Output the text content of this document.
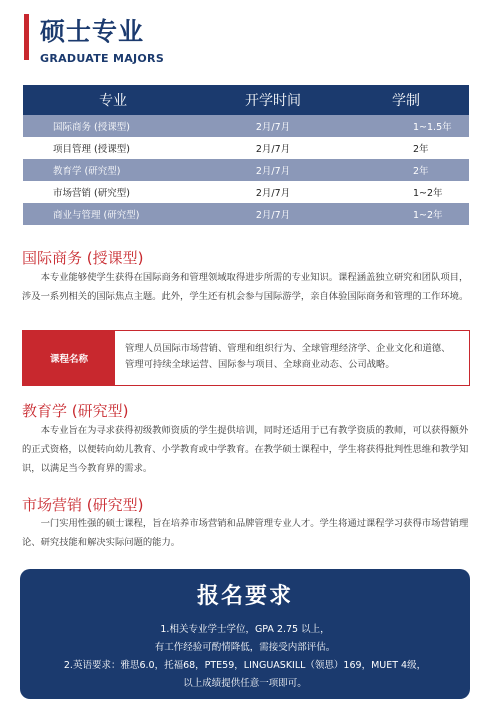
硕士专业
GRADUATE MAJORS
专业	开学时间	学制
国际商务 (授课型)	2月/7月	1~1.5年
项目管理 (授课型)	2月/7月	2年
教育学 (研究型)	2月/7月	2年
市场营销 (研究型)	2月/7月	1~2年
商业与管理 (研究型)	2月/7月	1~2年
国际商务 (授课型)
本专业能够使学生获得在国际商务和管理领域取得进步所需的专业知识。课程涵盖独立研究和团队项目，涉及一系列相关的国际焦点主题。此外，学生还有机会参与国际游学，亲自体验国际商务和管理的工作环境。
课程名称
管理人员国际市场营销、管理和组织行为、全球管理经济学、企业文化和道德、管理可持续全球运营、国际参与项目、全球商业动态、公司战略。
教育学 (研究型)
本专业旨在为寻求获得初级教师资质的学生提供培训，同时还适用于已有教学资质的教师，可以获得额外的正式资格，以便转向幼儿教育、小学教育或中学教育。在教学硕士课程中，学生将获得批判性思维和教学知识，以满足当今教育界的需求。
市场营销 (研究型)
一门实用性强的硕士课程，旨在培养市场营销和品牌管理专业人才。学生将通过课程学习获得市场营销理论、研究技能和解决实际问题的能力。
报名要求
1.相关专业学士学位，GPA 2.75 以上，
有工作经验可酌情降低，需接受内部评估。
2.英语要求：雅思6.0，托福68，PTE59，LINGUASKILL（领思）169，MUET 4级，
以上成绩提供任意一项即可。
